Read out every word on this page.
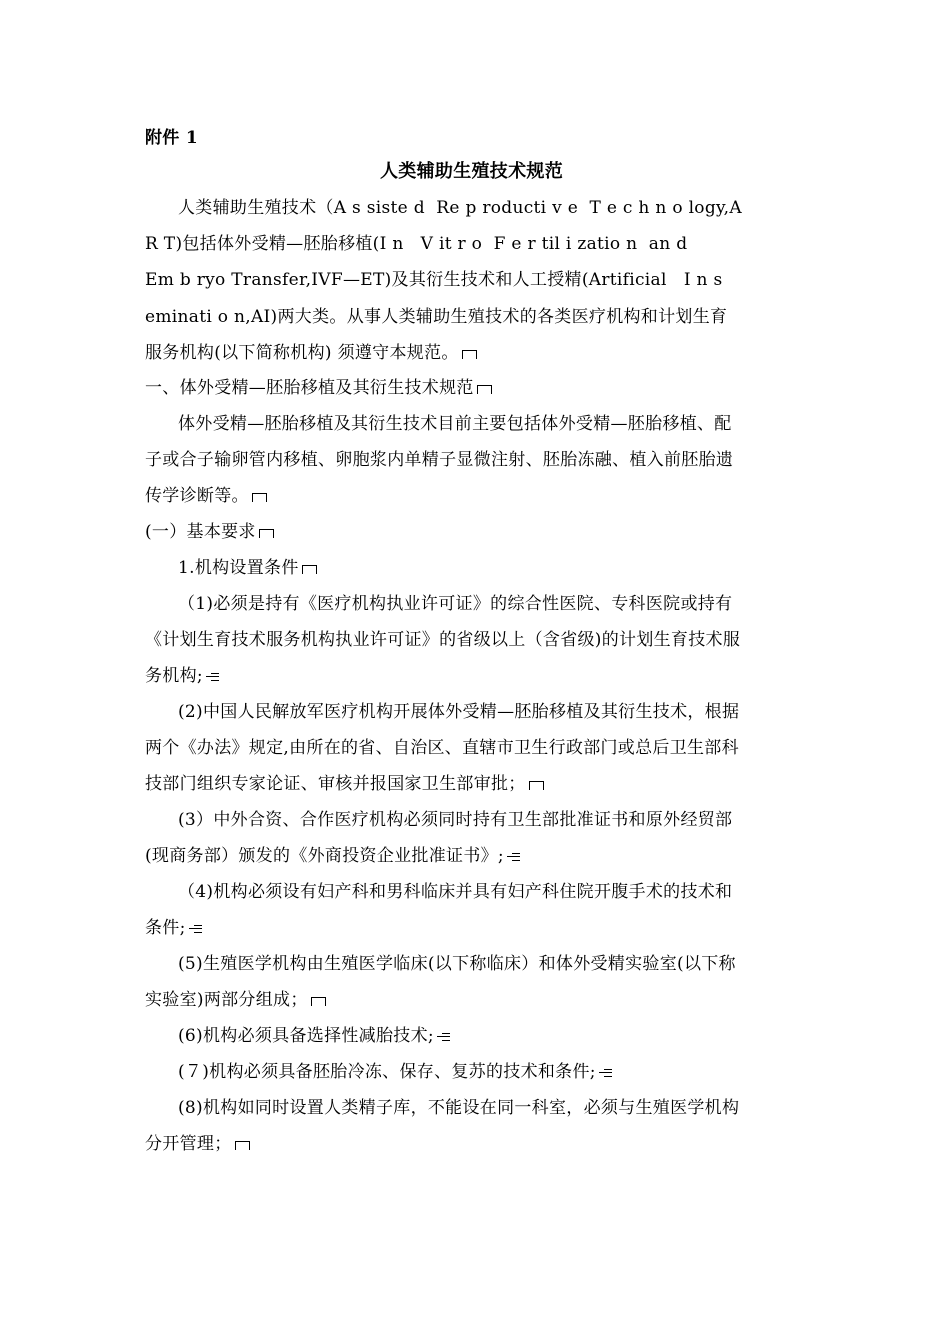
附件 1
人类辅助生殖技术规范
人类辅助生殖技术（A s siste d  Re p roducti v e  T e c h n o logy,A
R T)包括体外受精—胚胎移植(I n   V it r o  F e r til i zatio n  an d
Em b ryo Transfer,IVF—ET)及其衍生技术和人工授精(Artificial   I n s
eminati o n,AI)两大类。从事人类辅助生殖技术的各类医疗机构和计划生育
服务机构(以下简称机构) 须遵守本规范。
一、体外受精—胚胎移植及其衍生技术规范
体外受精—胚胎移植及其衍生技术目前主要包括体外受精—胚胎移植、配
子或合子输卵管内移植、卵胞浆内单精子显微注射、胚胎冻融、植入前胚胎遗
传学诊断等。
(一）基本要求
1.机构设置条件
（1)必须是持有《医疗机构执业许可证》的综合性医院、专科医院或持有
《计划生育技术服务机构执业许可证》的省级以上（含省级)的计划生育技术服
务机构;
(2)中国人民解放军医疗机构开展体外受精—胚胎移植及其衍生技术，根据
两个《办法》规定,由所在的省、自治区、直辖市卫生行政部门或总后卫生部科
技部门组织专家论证、审核并报国家卫生部审批；
(3）中外合资、合作医疗机构必须同时持有卫生部批准证书和原外经贸部
(现商务部）颁发的《外商投资企业批准证书》;
（4)机构必须设有妇产科和男科临床并具有妇产科住院开腹手术的技术和
条件;
(5)生殖医学机构由生殖医学临床(以下称临床）和体外受精实验室(以下称
实验室)两部分组成；
(6)机构必须具备选择性减胎技术;
(７)机构必须具备胚胎冷冻、保存、复苏的技术和条件;
(8)机构如同时设置人类精子库，不能设在同一科室，必须与生殖医学机构
分开管理；
